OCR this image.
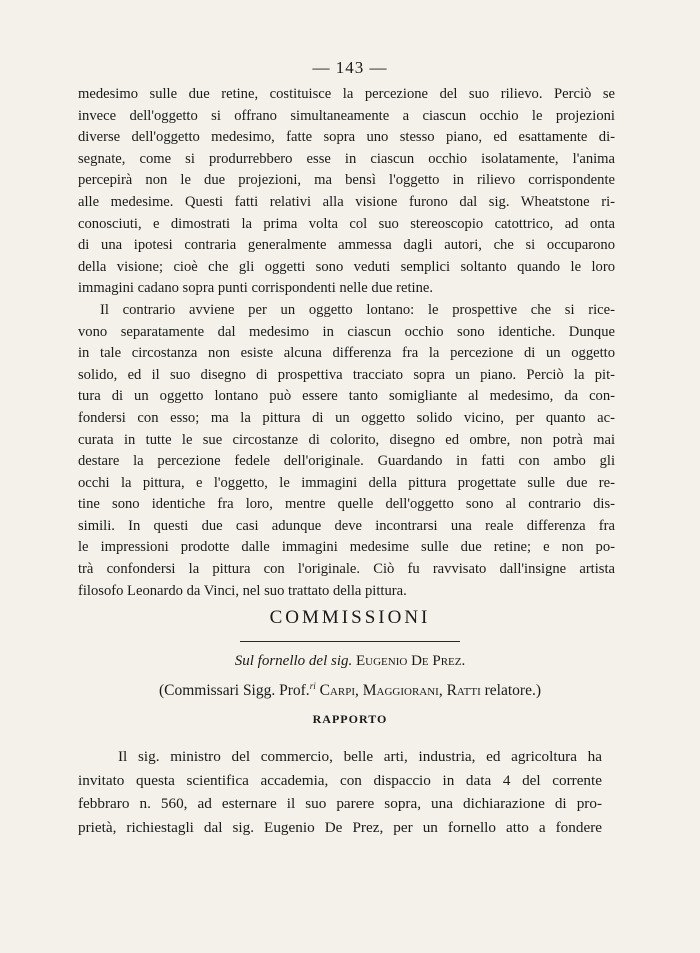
— 143 —
medesimo sulle due retine, costituisce la percezione del suo rilievo. Perciò se
invece dell'oggetto si offrano simultaneamente a ciascun occhio le projezioni
diverse dell'oggetto medesimo, fatte sopra uno stesso piano, ed esattamente di-
segnate, come si produrrebbero esse in ciascun occhio isolatamente, l'anima
percepirà non le due projezioni, ma bensì l'oggetto in rilievo corrispondente
alle medesime. Questi fatti relativi alla visione furono dal sig. Wheatstone ri-
conosciuti, e dimostrati la prima volta col suo stereoscopio catottrico, ad onta
di una ipotesi contraria generalmente ammessa dagli autori, che si occuparono
della visione; cioè che gli oggetti sono veduti semplici soltanto quando le loro
immagini cadano sopra punti corrispondenti nelle due retine.
Il contrario avviene per un oggetto lontano: le prospettive che si rice-
vono separatamente dal medesimo in ciascun occhio sono identiche. Dunque
in tale circostanza non esiste alcuna differenza fra la percezione di un oggetto
solido, ed il suo disegno di prospettiva tracciato sopra un piano. Perciò la pit-
tura di un oggetto lontano può essere tanto somigliante al medesimo, da con-
fondersi con esso; ma la pittura di un oggetto solido vicino, per quanto ac-
curata in tutte le sue circostanze di colorito, disegno ed ombre, non potrà mai
destare la percezione fedele dell'originale. Guardando in fatti con ambo gli
occhi la pittura, e l'oggetto, le immagini della pittura progettate sulle due re-
tine sono identiche fra loro, mentre quelle dell'oggetto sono al contrario dis-
simili. In questi due casi adunque deve incontrarsi una reale differenza fra
le impressioni prodotte dalle immagini medesime sulle due retine; e non po-
trà confondersi la pittura con l'originale. Ciò fu ravvisato dall'insigne artista
filosofo Leonardo da Vinci, nel suo trattato della pittura.
COMMISSIONI
Sul fornello del sig. Eugenio De Prez.
(Commissari Sigg. Prof.$^{ri}$ Carpi, Maggiorani, Ratti relatore.)
RAPPORTO
Il sig. ministro del commercio, belle arti, industria, ed agricoltura ha
invitato questa scientifica accademia, con dispaccio in data 4 del corrente
febbraro n. 560, ad esternare il suo parere sopra, una dichiarazione di pro-
prietà, richiestagli dal sig. Eugenio De Prez, per un fornello atto a fondere
